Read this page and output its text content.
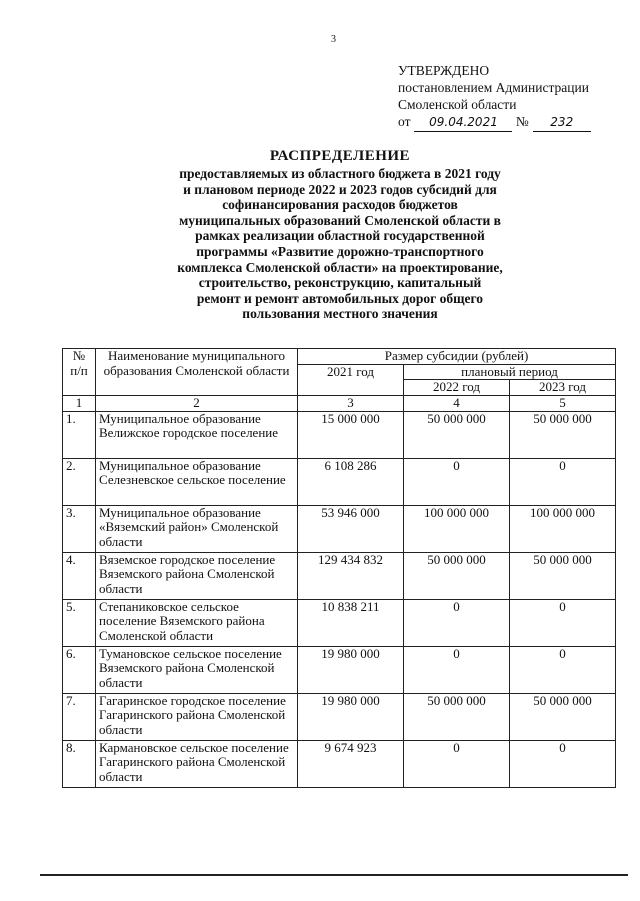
3
УТВЕРЖДЕНО
постановлением Администрации
Смоленской области
от 09.04.2021 № 232
РАСПРЕДЕЛЕНИЕ
предоставляемых из областного бюджета в 2021 году
и плановом периоде 2022 и 2023 годов субсидий для
софинансирования расходов бюджетов
муниципальных образований Смоленской области в
рамках реализации областной государственной
программы «Развитие дорожно-транспортного
комплекса Смоленской области» на проектирование,
строительство, реконструкцию, капитальный
ремонт и ремонт автомобильных дорог общего
пользования местного значения
№ п/п	Наименование муниципального образования Смоленской области	Размер субсидии (рублей)		
		2021 год	плановый период	
			2022 год	2023 год
1	2	3	4	5
1.	Муниципальное образование Велижское городское поселение	15 000 000	50 000 000	50 000 000
2.	Муниципальное образование Селезневское сельское поселение	6 108 286	0	0
3.	Муниципальное образование «Вяземский район» Смоленской области	53 946 000	100 000 000	100 000 000
4.	Вяземское городское поселение Вяземского района Смоленской области	129 434 832	50 000 000	50 000 000
5.	Степаниковское сельское поселение Вяземского района Смоленской области	10 838 211	0	0
6.	Тумановское сельское поселение Вяземского района Смоленской области	19 980 000	0	0
7.	Гагаринское городское поселение Гагаринского района Смоленской области	19 980 000	50 000 000	50 000 000
8.	Кармановское сельское поселение Гагаринского района Смоленской области	9 674 923	0	0
